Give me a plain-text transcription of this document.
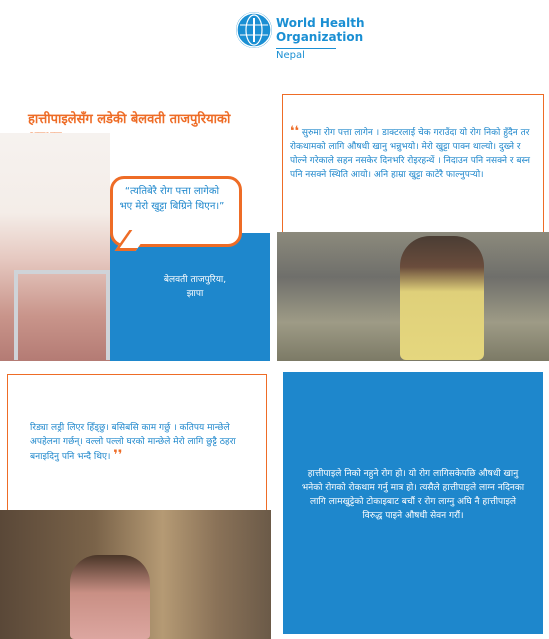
World Health
Organization
Nepal
हात्तीपाइलेसँग लडेकी बेलवती ताजपुरियाको
“त्यतिबेरै रोग पत्ता लागेको भए मेरो खुट्टा बिग्रिने थिएन।”
बेलवती ताजपुरिया,
झापा
❛❛ सुरुमा रोग पत्ता लागेन । डाक्टरलाई चेक गराउँदा यो रोग निको हुँदैन तर रोकथामको लागि औषधी खानु भन्नुभयो। मेरो खुट्टा पाक्न थाल्यो। दुख्ने र पोल्ने गरेकाले सहन नसकेर दिनभरि रोइरहन्थें । निदाउन पनि नसक्ने र बस्न पनि नसक्ने स्थिति आयो। अनि हाम्रा खुट्टा काटेरै फाल्नुपर्‍यो।
रिड्या लड्री लिएर हिँड्छु। बसिबसि काम गर्छु । कतिपय मान्छेले अपहेलना गर्छन्। वल्लो पल्लो घरको मान्छेले मेरो लागि छुट्टै ठहरा बनाइदिनु पनि भन्दै थिए। ❜❜
हात्तीपाइले निको नहुने रोग हो। यो रोग लागिसकेपछि औषधी खानु भनेको रोगको रोकथाम गर्नु मात्र हो। त्यसैले हात्तीपाइले लाग्न नदिनका लागि लामखुट्टेको टोकाइबाट बचौं र रोग लाग्नु अघि नै हात्तीपाइले विरुद्ध पाइने औषधी सेवन गरौं।
